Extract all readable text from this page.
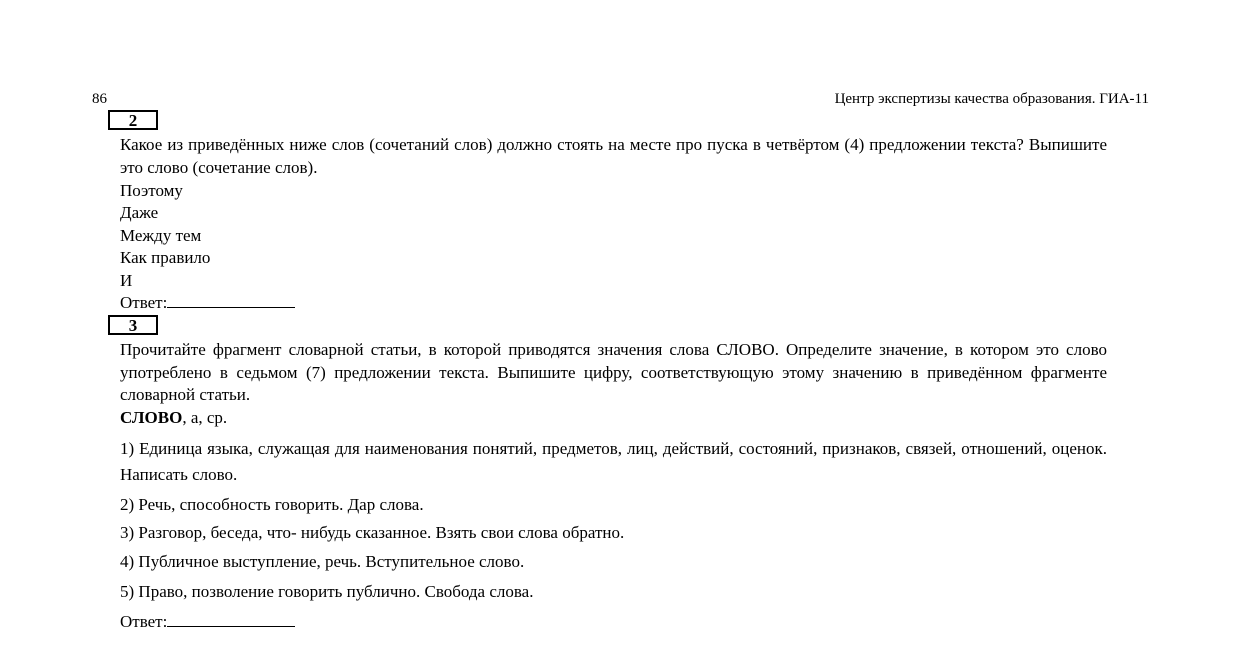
86	Центр экспертизы качества образования. ГИА-11
2

Какое из приведённых ниже слов (сочетаний слов) должно стоять на месте про пуска в четвёртом (4) предложении текста? Выпишите это слово (сочетание слов).

Поэтому
Даже
Между тем
Как правило
И
Ответ:
3

Прочитайте фрагмент словарной статьи, в которой приводятся значения слова СЛОВО. Определите значение, в котором это слово употреблено в седьмом (7) предложении текста. Выпишите цифру, соответствующую этому значению в приведённом фрагменте словарной статьи.

СЛОВО, а, ср.

1) Единица языка, служащая для наименования понятий, предметов, лиц, действий, состояний, признаков, связей, отношений, оценок. Написать слово.

2) Речь, способность говорить. Дар слова.
3) Разговор, беседа, что- нибудь сказанное. Взять свои слова обратно.
4) Публичное выступление, речь. Вступительное слово.
5) Право, позволение говорить публично. Свобода слова.
Ответ:
